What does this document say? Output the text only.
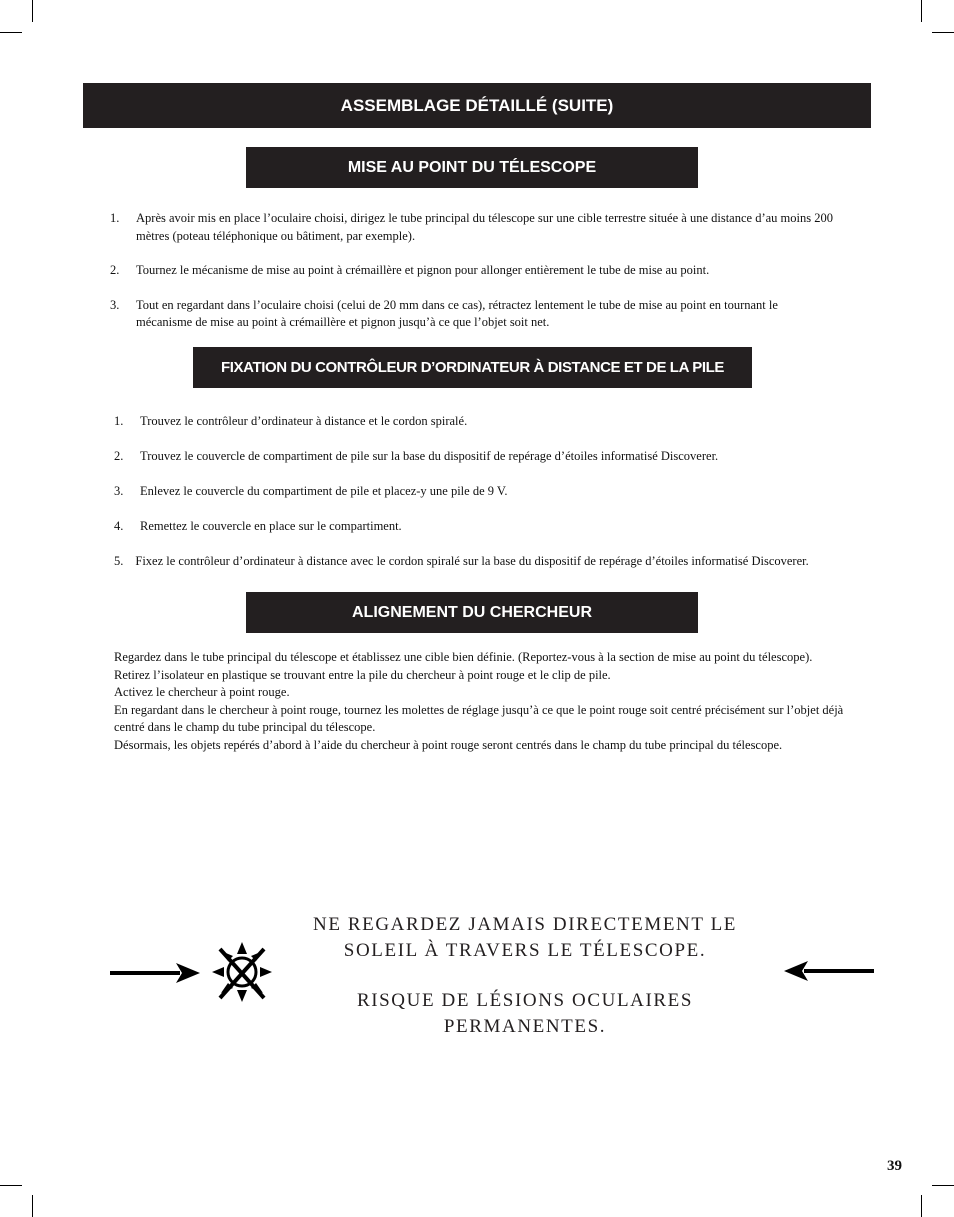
ASSEMBLAGE DÉTAILLÉ (SUITE)
MISE AU POINT DU TÉLESCOPE
1. Après avoir mis en place l’oculaire choisi, dirigez le tube principal du télescope sur une cible terrestre située à une distance d’au moins 200 mètres (poteau téléphonique ou bâtiment, par exemple).
2. Tournez le mécanisme de mise au point à crémaillère et pignon pour allonger entièrement le tube de mise au point.
3. Tout en regardant dans l’oculaire choisi (celui de 20 mm dans ce cas), rétractez lentement le tube de mise au point en tournant le mécanisme de mise au point à crémaillère et pignon jusqu’à ce que l’objet soit net.
FIXATION DU CONTRÔLEUR D’ORDINATEUR À DISTANCE ET DE LA PILE
1. Trouvez le contrôleur d’ordinateur à distance et le cordon spiralé.
2. Trouvez le couvercle de compartiment de pile sur la base du dispositif de repérage d’étoiles informatisé Discoverer.
3. Enlevez le couvercle du compartiment de pile et placez-y une pile de 9 V.
4. Remettez le couvercle en place sur le compartiment.
5. Fixez le contrôleur d’ordinateur à distance avec le cordon spiralé sur la base du dispositif de repérage d’étoiles informatisé Discoverer.
ALIGNEMENT DU CHERCHEUR

Regardez dans le tube principal du télescope et établissez une cible bien définie. (Reportez-vous à la section de mise au point du télescope).

Retirez l’isolateur en plastique se trouvant entre la pile du chercheur à point rouge et le clip de pile.

Activez le chercheur à point rouge.

En regardant dans le chercheur à point rouge, tournez les molettes de réglage jusqu’à ce que le point rouge soit centré précisément sur l’objet déjà centré dans le champ du tube principal du télescope.

Désormais, les objets repérés d’abord à l’aide du chercheur à point rouge seront centrés dans le champ du tube principal du télescope.

NE REGARDEZ JAMAIS DIRECTEMENT LE SOLEIL À TRAVERS LE TÉLESCOPE.

RISQUE DE LÉSIONS OCULAIRES PERMANENTES.

39
